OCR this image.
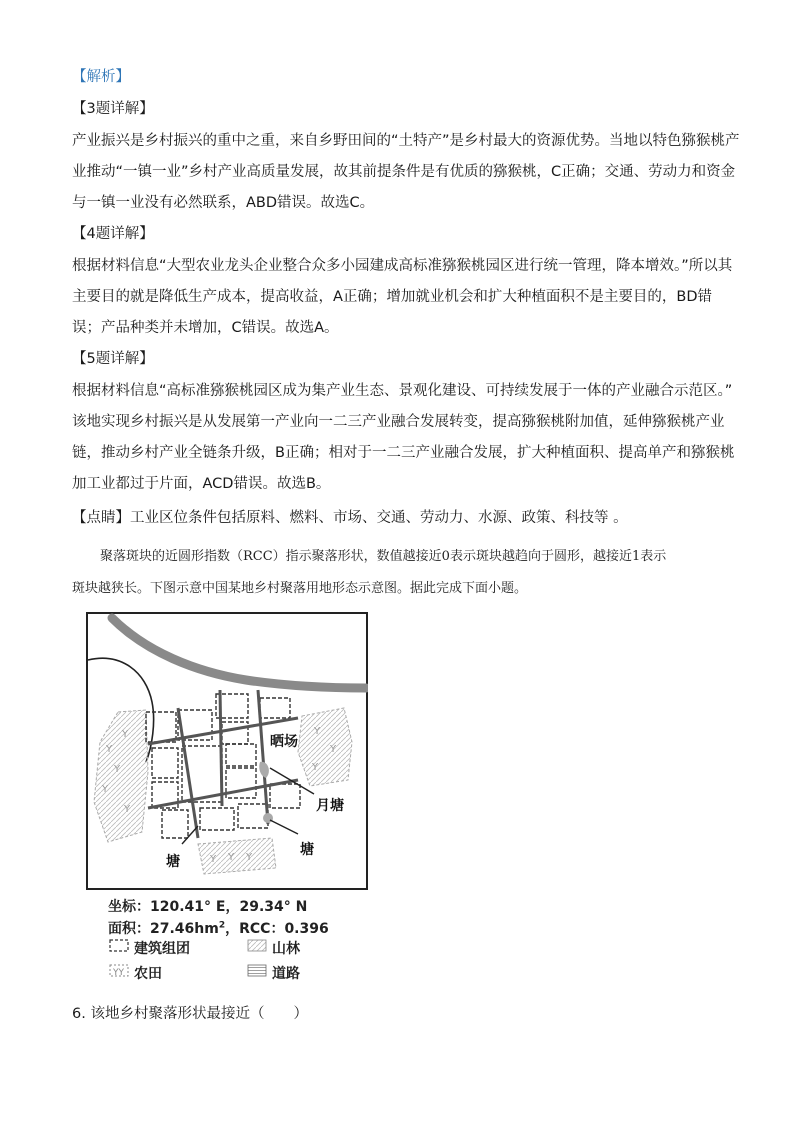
【解析】
【3题详解】
产业振兴是乡村振兴的重中之重，来自乡野田间的“土特产”是乡村最大的资源优势。当地以特色猕猴桃产
业推动“一镇一业”乡村产业高质量发展，故其前提条件是有优质的猕猴桃，C正确；交通、劳动力和资金
与一镇一业没有必然联系，ABD错误。故选C。
【4题详解】
根据材料信息“大型农业龙头企业整合众多小园建成高标准猕猴桃园区进行统一管理，降本增效。”所以其
主要目的就是降低生产成本，提高收益，A正确；增加就业机会和扩大种植面积不是主要目的，BD错
误；产品种类并未增加，C错误。故选A。
【5题详解】
根据材料信息“高标准猕猴桃园区成为集产业生态、景观化建设、可持续发展于一体的产业融合示范区。”
该地实现乡村振兴是从发展第一产业向一二三产业融合发展转变，提高猕猴桃附加值，延伸猕猴桃产业
链，推动乡村产业全链条升级，B正确；相对于一二三产业融合发展，扩大种植面积、提高单产和猕猴桃
加工业都过于片面，ACD错误。故选B。
【点睛】工业区位条件包括原料、燃料、市场、交通、劳动力、水源、政策、科技等 。
聚落斑块的近圆形指数（RCC）指示聚落形状，数值越接近0表示斑块越趋向于圆形，越接近1表示
斑块越狭长。下图示意中国某地乡村聚落用地形态示意图。据此完成下面小题。
Y
Y
Y
Y
Y
Y
Y
Y
Y Y Y
晒场
月塘
塘
塘
YY
坐标：120.41° E，29.34° N
面积：$27.46hm^2$，RCC：0.396
建筑组团	山林
农田	道路
6. 该地乡村聚落形状最接近（　　）
